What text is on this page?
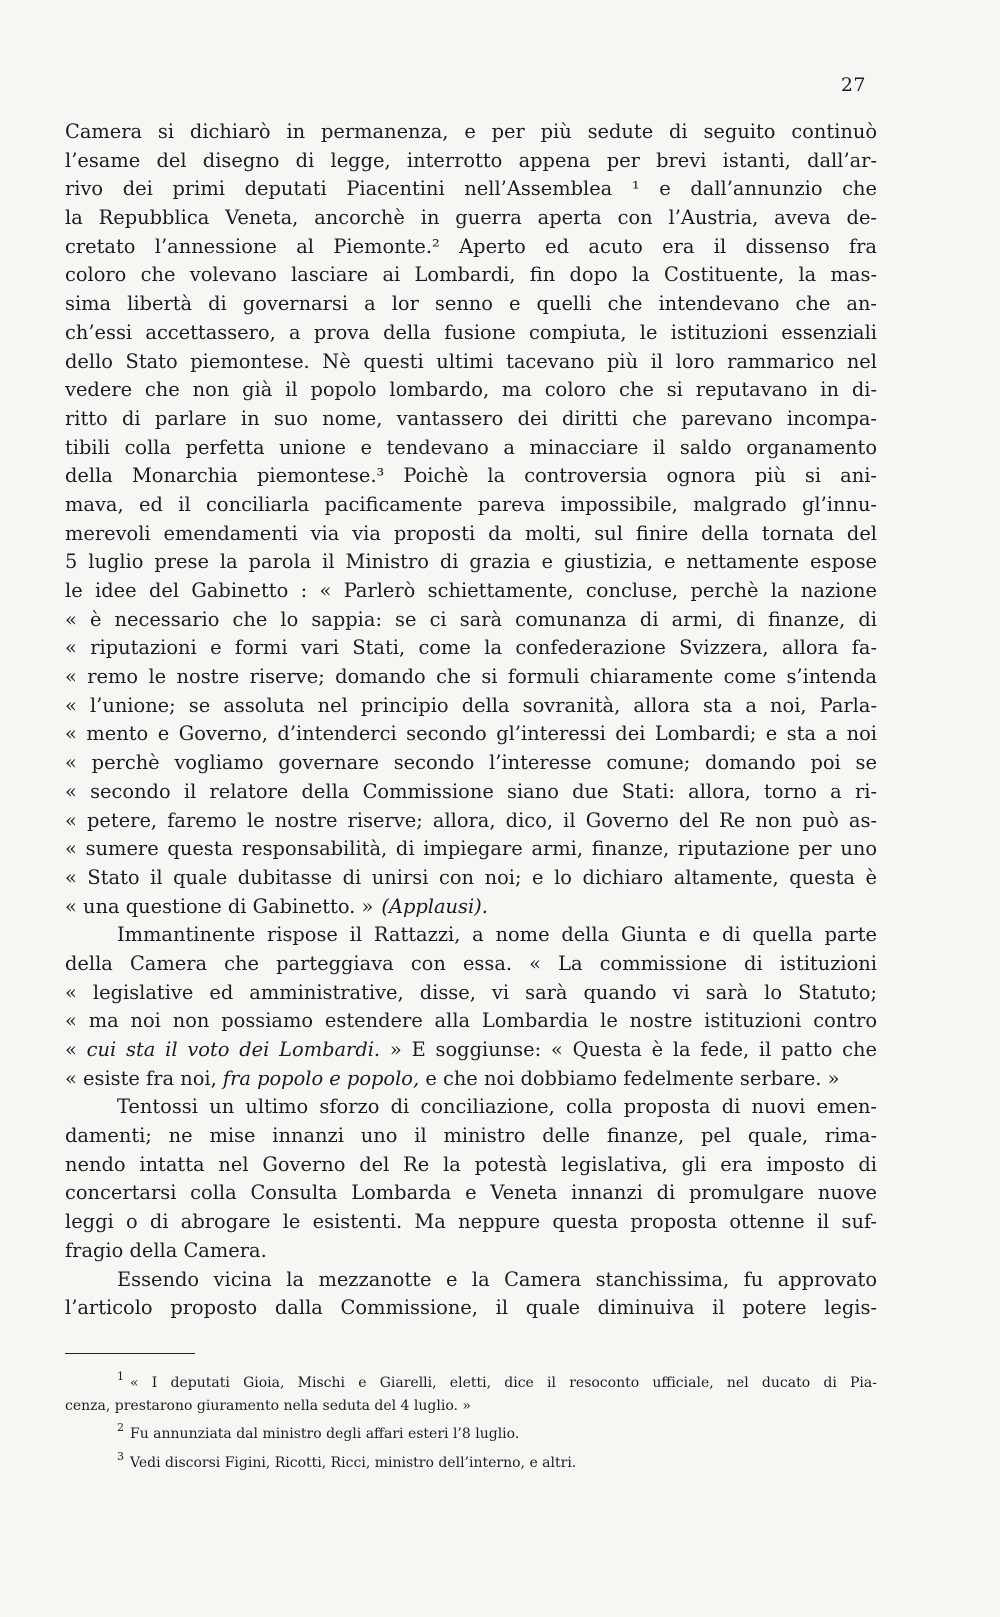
27
Camera si dichiarò in permanenza, e per più sedute di seguito continuò
l’esame del disegno di legge, interrotto appena per brevi istanti, dall’ar-
rivo dei primi deputati Piacentini nell’Assemblea ¹ e dall’annunzio che
la Repubblica Veneta, ancorchè in guerra aperta con l’Austria, aveva de-
cretato l’annessione al Piemonte.² Aperto ed acuto era il dissenso fra
coloro che volevano lasciare ai Lombardi, fin dopo la Costituente, la mas-
sima libertà di governarsi a lor senno e quelli che intendevano che an-
ch’essi accettassero, a prova della fusione compiuta, le istituzioni essenziali
dello Stato piemontese. Nè questi ultimi tacevano più il loro rammarico nel
vedere che non già il popolo lombardo, ma coloro che si reputavano in di-
ritto di parlare in suo nome, vantassero dei diritti che parevano incompa-
tibili colla perfetta unione e tendevano a minacciare il saldo organamento
della Monarchia piemontese.³ Poichè la controversia ognora più si ani-
mava, ed il conciliarla pacificamente pareva impossibile, malgrado gl’innu-
merevoli emendamenti via via proposti da molti, sul finire della tornata del
5 luglio prese la parola il Ministro di grazia e giustizia, e nettamente espose
le idee del Gabinetto : « Parlerò schiettamente, concluse, perchè la nazione
« è necessario che lo sappia: se ci sarà comunanza di armi, di finanze, di
« riputazioni e formi vari Stati, come la confederazione Svizzera, allora fa-
« remo le nostre riserve; domando che si formuli chiaramente come s’intenda
« l’unione; se assoluta nel principio della sovranità, allora sta a noi, Parla-
« mento e Governo, d’intenderci secondo gl’interessi dei Lombardi; e sta a noi
« perchè vogliamo governare secondo l’interesse comune; domando poi se
« secondo il relatore della Commissione siano due Stati: allora, torno a ri-
« petere, faremo le nostre riserve; allora, dico, il Governo del Re non può as-
« sumere questa responsabilità, di impiegare armi, finanze, riputazione per uno
« Stato il quale dubitasse di unirsi con noi; e lo dichiaro altamente, questa è
« una questione di Gabinetto. » (Applausi).
Immantinente rispose il Rattazzi, a nome della Giunta e di quella parte
della Camera che parteggiava con essa. « La commissione di istituzioni
« legislative ed amministrative, disse, vi sarà quando vi sarà lo Statuto;
« ma noi non possiamo estendere alla Lombardia le nostre istituzioni contro
« cui sta il voto dei Lombardi. » E soggiunse: « Questa è la fede, il patto che
« esiste fra noi, fra popolo e popolo, e che noi dobbiamo fedelmente serbare. »
Tentossi un ultimo sforzo di conciliazione, colla proposta di nuovi emen-
damenti; ne mise innanzi uno il ministro delle finanze, pel quale, rima-
nendo intatta nel Governo del Re la potestà legislativa, gli era imposto di
concertarsi colla Consulta Lombarda e Veneta innanzi di promulgare nuove
leggi o di abrogare le esistenti. Ma neppure questa proposta ottenne il suf-
fragio della Camera.
Essendo vicina la mezzanotte e la Camera stanchissima, fu approvato
l’articolo proposto dalla Commissione, il quale diminuiva il potere legis-
$^1$ « I deputati Gioia, Mischi e Giarelli, eletti, dice il resoconto ufficiale, nel ducato di Pia-
cenza, prestarono giuramento nella seduta del 4 luglio. »
$^2$ Fu annunziata dal ministro degli affari esteri l’8 luglio.
$^3$ Vedi discorsi Figini, Ricotti, Ricci, ministro dell’interno, e altri.
